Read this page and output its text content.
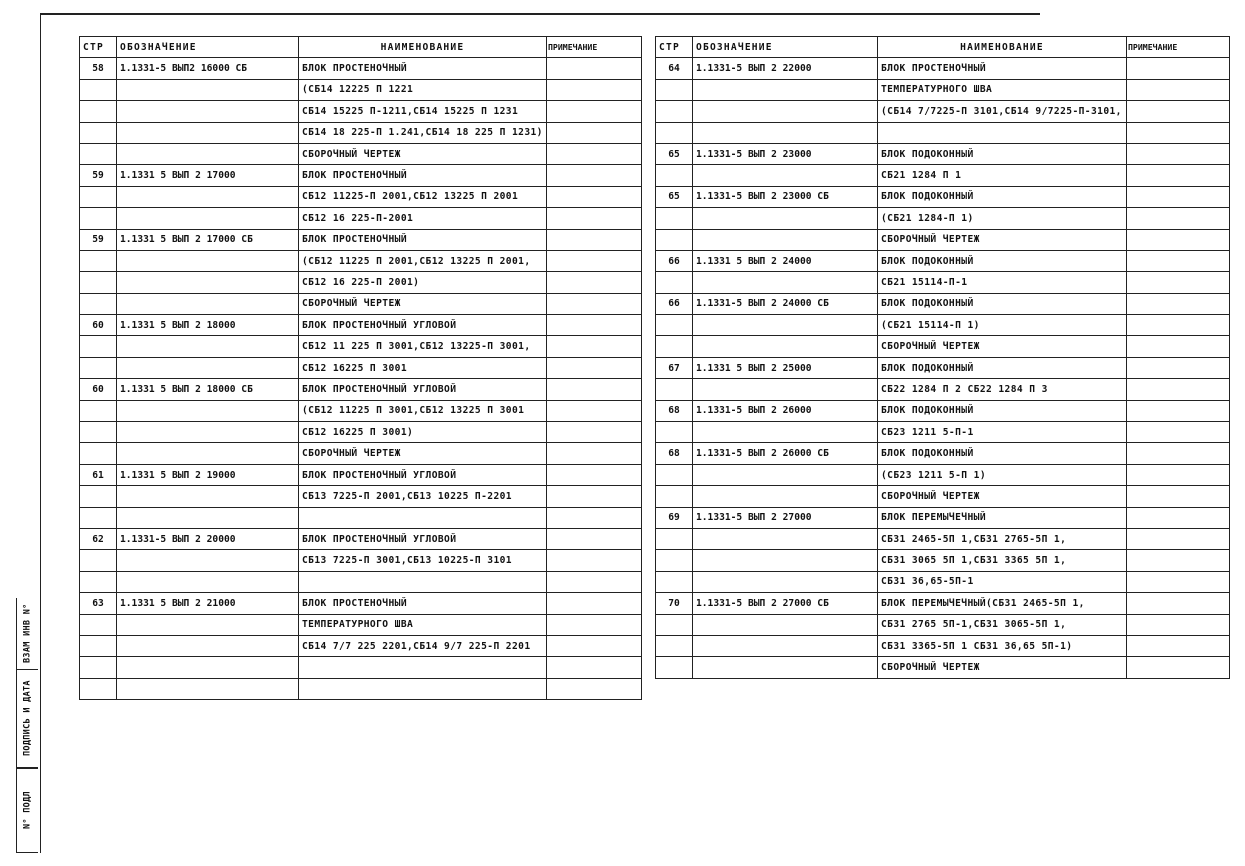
ВЗАМ ИНВ N°
ПОДПИСЬ И ДАТА
N° ПОДЛ
СТР	ОБОЗНАЧЕНИЕ	НАИМЕНОВАНИЕ	ПРИМЕЧАНИЕ
58	1.1331-5 ВЫП2 16000 СБ	БЛОК ПРОСТЕНОЧНЫЙ	
		(СБ14 12225 П 1221	
		СБ14 15225 П-1211,СБ14 15225 П 1231	
		СБ14 18 225-П 1.241,СБ14 18 225 П 1231)	
		СБОРОЧНЫЙ ЧЕРТЕЖ	
59	1.1331 5 ВЫП 2 17000	БЛОК ПРОСТЕНОЧНЫЙ	
		СБ12 11225-П 2001,СБ12 13225 П 2001	
		СБ12 16 225-П-2001	
59	1.1331 5 ВЫП 2 17000 СБ	БЛОК ПРОСТЕНОЧНЫЙ	
		(СБ12 11225 П 2001,СБ12 13225 П 2001,	
		СБ12 16 225-П 2001)	
		СБОРОЧНЫЙ ЧЕРТЕЖ	
60	1.1331 5 ВЫП 2 18000	БЛОК ПРОСТЕНОЧНЫЙ УГЛОВОЙ	
		СБ12 11 225 П 3001,СБ12 13225-П 3001,	
		СБ12 16225 П 3001	
60	1.1331 5 ВЫП 2 18000 СБ	БЛОК ПРОСТЕНОЧНЫЙ УГЛОВОЙ	
		(СБ12 11225 П 3001,СБ12 13225 П 3001	
		СБ12 16225 П 3001)	
		СБОРОЧНЫЙ ЧЕРТЕЖ	
61	1.1331 5 ВЫП 2 19000	БЛОК ПРОСТЕНОЧНЫЙ УГЛОВОЙ	
		СБ13 7225-П 2001,СБ13 10225 П-2201	

62	1.1331-5 ВЫП 2 20000	БЛОК ПРОСТЕНОЧНЫЙ УГЛОВОЙ	
		СБ13 7225-П 3001,СБ13 10225-П 3101	

63	1.1331 5 ВЫП 2 21000	БЛОК ПРОСТЕНОЧНЫЙ	
		ТЕМПЕРАТУРНОГО ШВА	
		СБ14 7/7 225 2201,СБ14 9/7 225-П 2201	

СТР	ОБОЗНАЧЕНИЕ	НАИМЕНОВАНИЕ	ПРИМЕЧАНИЕ
64	1.1331-5 ВЫП 2 22000	БЛОК ПРОСТЕНОЧНЫЙ	
		ТЕМПЕРАТУРНОГО ШВА	
		(СБ14 7/7225-П 3101,СБ14 9/7225-П-3101,	

65	1.1331-5 ВЫП 2 23000	БЛОК ПОДОКОННЫЙ	
		СБ21 1284 П 1	
65	1.1331-5 ВЫП 2 23000 СБ	БЛОК ПОДОКОННЫЙ	
		(СБ21 1284-П 1)	
		СБОРОЧНЫЙ ЧЕРТЕЖ	
66	1.1331 5 ВЫП 2 24000	БЛОК ПОДОКОННЫЙ	
		СБ21 15114-П-1	
66	1.1331-5 ВЫП 2 24000 СБ	БЛОК ПОДОКОННЫЙ	
		(СБ21 15114-П 1)	
		СБОРОЧНЫЙ ЧЕРТЕЖ	
67	1.1331 5 ВЫП 2 25000	БЛОК ПОДОКОННЫЙ	
		СБ22 1284 П 2 СБ22 1284 П 3	
68	1.1331-5 ВЫП 2 26000	БЛОК ПОДОКОННЫЙ	
		СБ23 1211 5-П-1	
68	1.1331-5 ВЫП 2 26000 СБ	БЛОК ПОДОКОННЫЙ	
		(СБ23 1211 5-П 1)	
		СБОРОЧНЫЙ ЧЕРТЕЖ	
69	1.1331-5 ВЫП 2 27000	БЛОК ПЕРЕМЫЧЕЧНЫЙ	
		СБ31 2465-5П 1,СБ31 2765-5П 1,	
		СБ31 3065 5П 1,СБ31 3365 5П 1,	
		СБ31 36,65-5П-1	
70	1.1331-5 ВЫП 2 27000 СБ	БЛОК ПЕРЕМЫЧЕЧНЫЙ(СБ31 2465-5П 1,	
		СБ31 2765 5П-1,СБ31 3065-5П 1,	
		СБ31 3365-5П 1 СБ31 36,65 5П-1)	
		СБОРОЧНЫЙ ЧЕРТЕЖ	
